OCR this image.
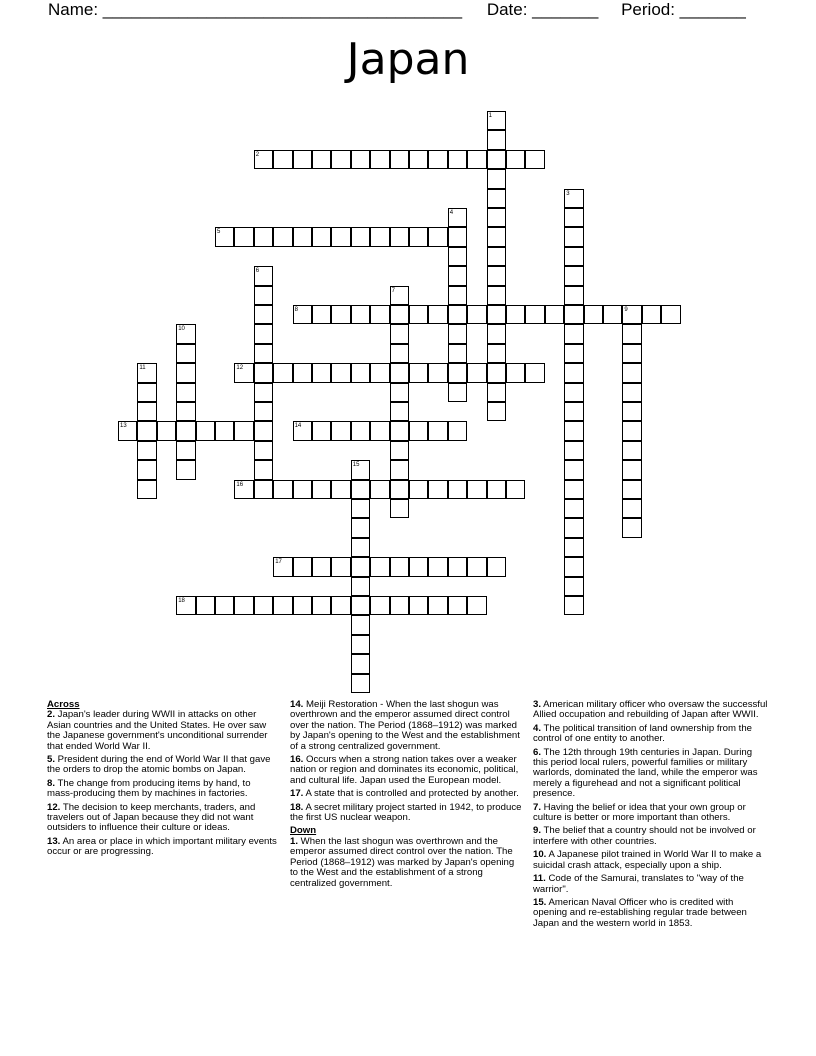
Name: ______________________________________ Date: _______ Period: _______
Japan
1
2
3
4
5
6
7
8	9
10
11	12
13	14
15
16
17
18
Across
2. Japan's leader during WWII in attacks on other Asian countries and the United States. He over saw the Japanese government's unconditional surrender that ended World War II.
5. President during the end of World War II that gave the orders to drop the atomic bombs on Japan.
8. The change from producing items by hand, to mass-producing them by machines in factories.
12. The decision to keep merchants, traders, and travelers out of Japan because they did not want outsiders to influence their culture or ideas.
13. An area or place in which important military events occur or are progressing.
14. Meiji Restoration - When the last shogun was overthrown and the emperor assumed direct control over the nation. The Period (1868–1912) was marked by Japan's opening to the West and the establishment of a strong centralized government.
16. Occurs when a strong nation takes over a weaker nation or region and dominates its economic, political, and cultural life. Japan used the European model.
17. A state that is controlled and protected by another.
18. A secret military project started in 1942, to produce the first US nuclear weapon.
Down
1. When the last shogun was overthrown and the emperor assumed direct control over the nation. The Period (1868–1912) was marked by Japan's opening to the West and the establishment of a strong centralized government.
3. American military officer who oversaw the successful Allied occupation and rebuilding of Japan after WWII.
4. The political transition of land ownership from the control of one entity to another.
6. The 12th through 19th centuries in Japan. During this period local rulers, powerful families or military warlords, dominated the land, while the emperor was merely a figurehead and not a significant political presence.
7. Having the belief or idea that your own group or culture is better or more important than others.
9. The belief that a country should not be involved or interfere with other countries.
10. A Japanese pilot trained in World War II to make a suicidal crash attack, especially upon a ship.
11. Code of the Samurai, translates to "way of the warrior".
15. American Naval Officer who is credited with opening and re-establishing regular trade between Japan and the western world in 1853.
